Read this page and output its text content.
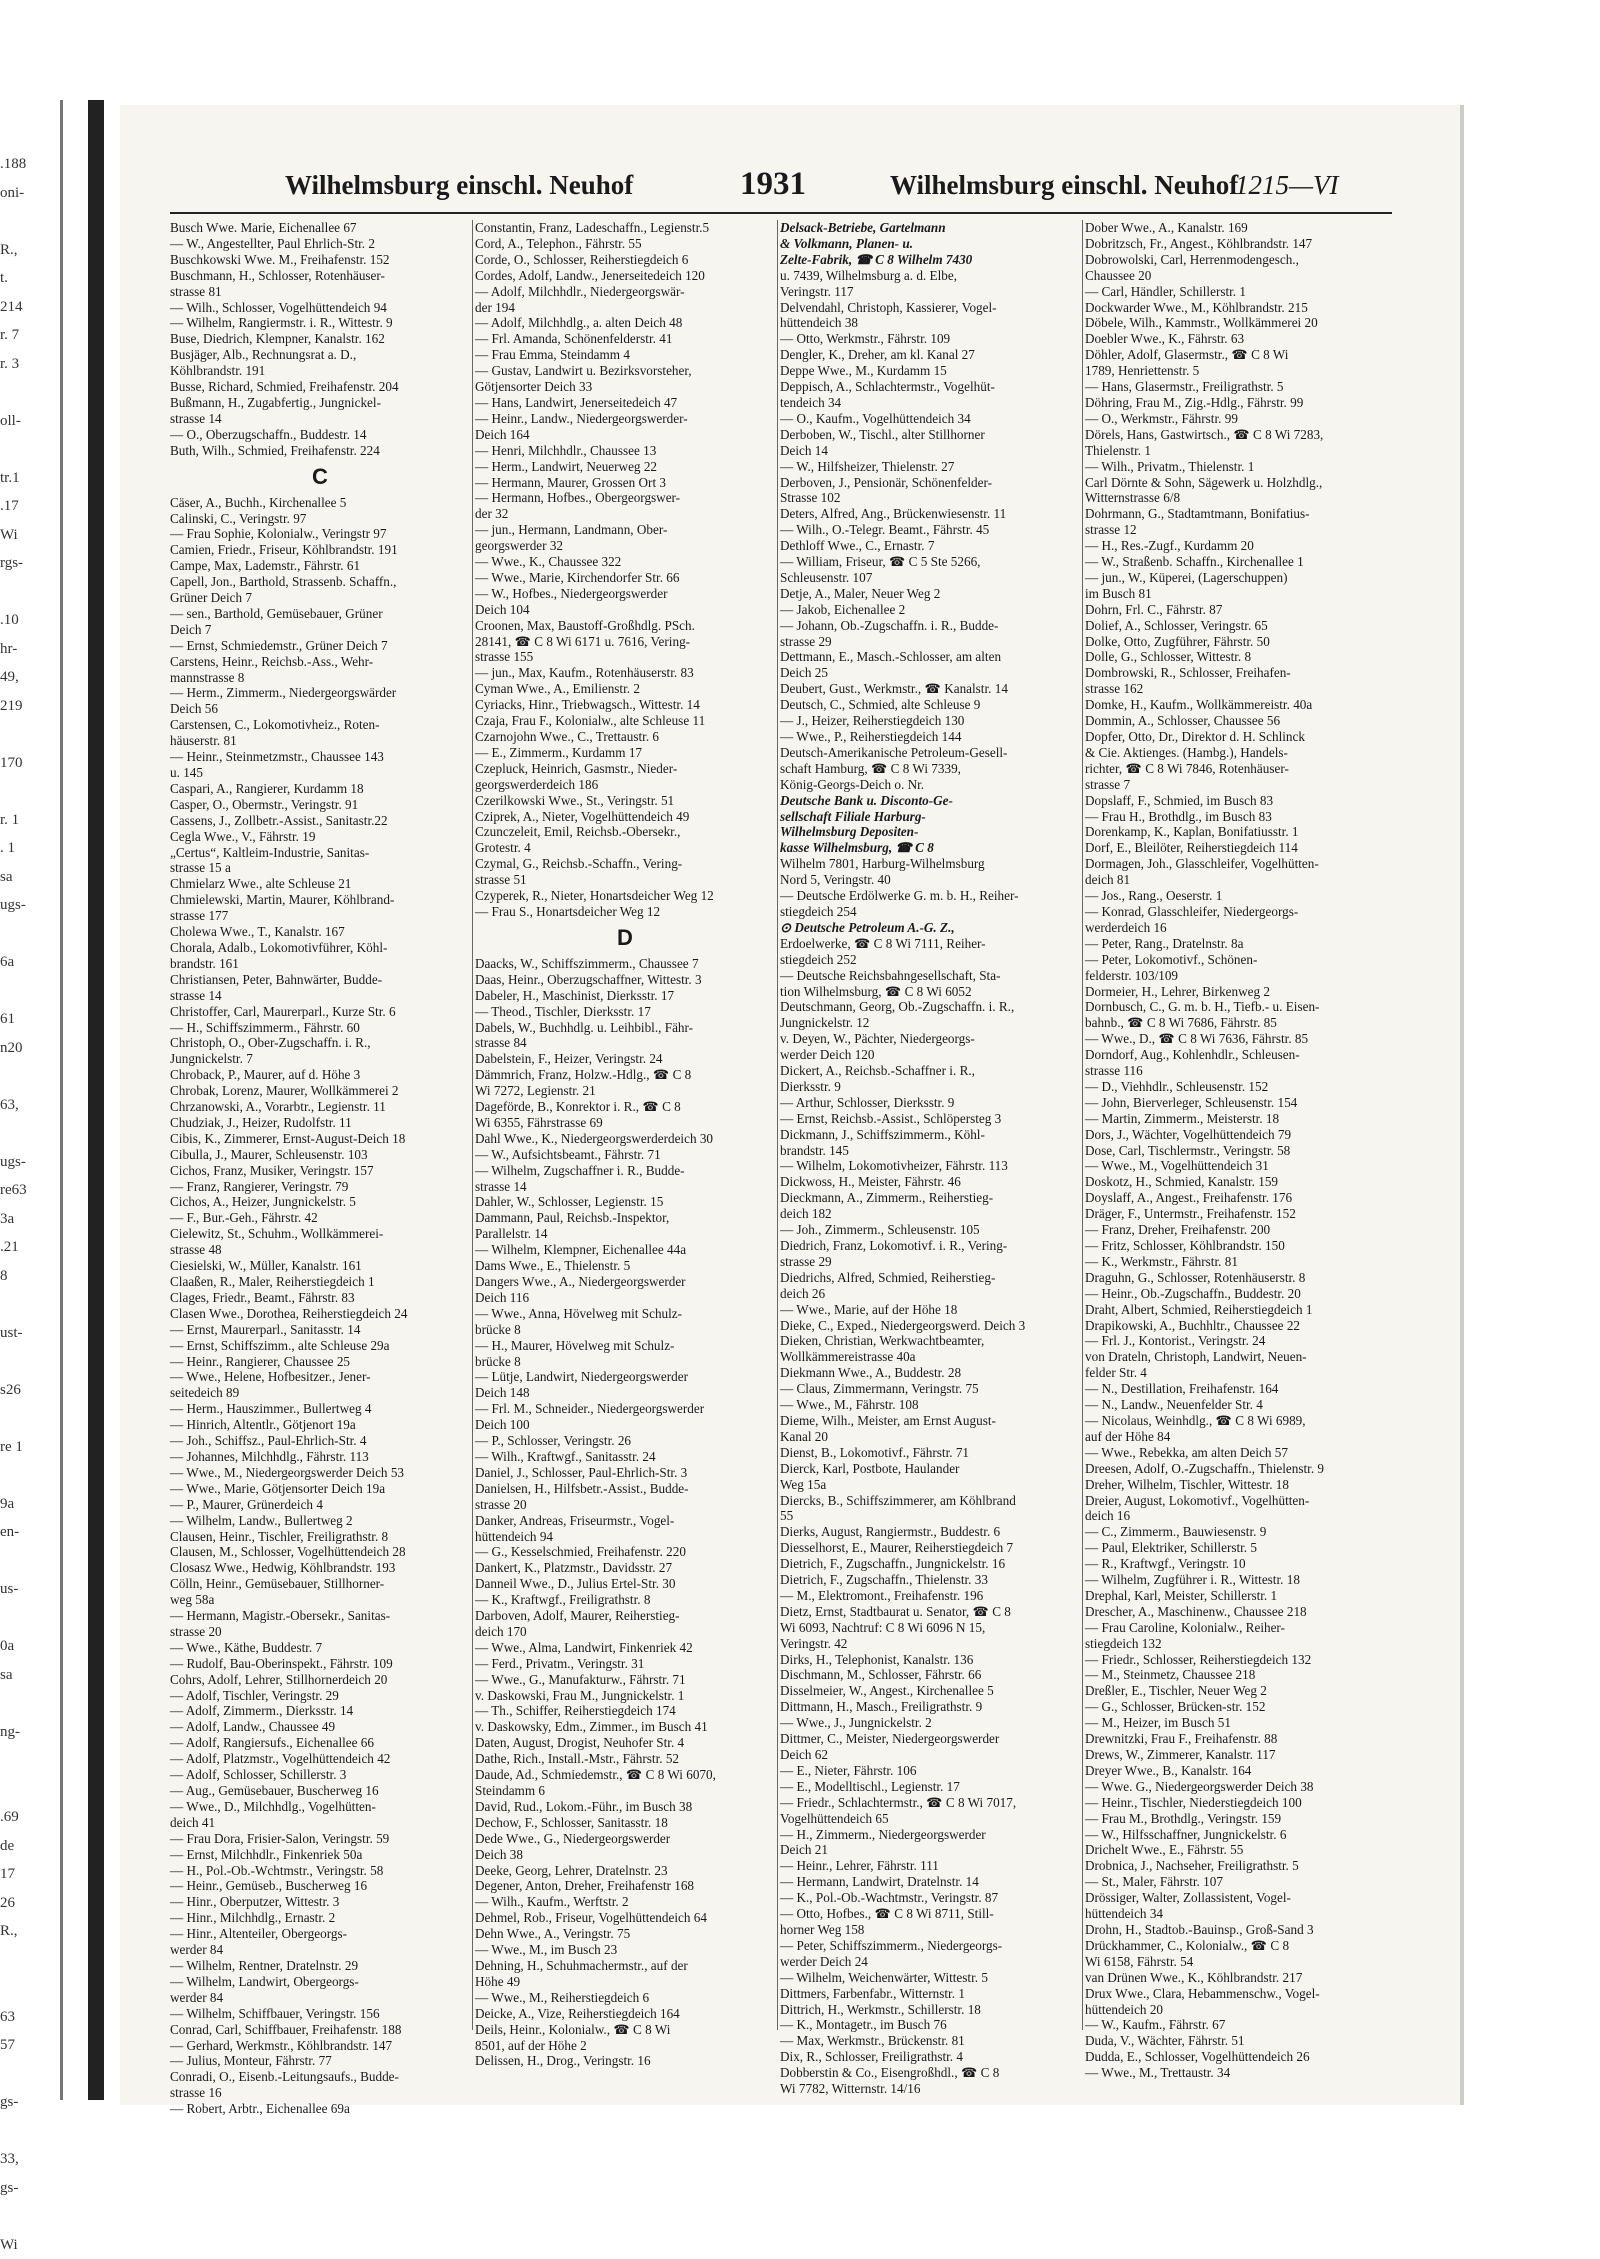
.188
oni-

R.,
t.
214
r. 7
r. 3

oll-

tr.1
.17
Wi
rgs-

.10
hr-
49,
219

170

r. 1
. 1
sa
ugs-

6a

61
n20

63,

ugs-
re63
3a
.21
8

ust-

s26

re 1

9a
en-

us-

0a
sa

ng-

.69
de
17
26
R.,

63
57

gs-

33,
gs-

Wi
Wilhelmsburg einschl. Neuhof	1931	Wilhelmsburg einschl. Neuhof
1215—VI
Busch Wwe. Marie, Eichenallee 67
— W., Angestellter, Paul Ehrlich-Str. 2
Buschkowski Wwe. M., Freihafenstr. 152
Buschmann, H., Schlosser, Rotenhäuser-
strasse 81
— Wilh., Schlosser, Vogelhüttendeich 94
— Wilhelm, Rangiermstr. i. R., Wittestr. 9
Buse, Diedrich, Klempner, Kanalstr. 162
Busjäger, Alb., Rechnungsrat a. D.,
Köhlbrandstr. 191
Busse, Richard, Schmied, Freihafenstr. 204
Bußmann, H., Zugabfertig., Jungnickel-
strasse 14
— O., Oberzugschaffn., Buddestr. 14
Buth, Wilh., Schmied, Freihafenstr. 224
C
Cäser, A., Buchh., Kirchenallee 5
Calinski, C., Veringstr. 97
— Frau Sophie, Kolonialw., Veringstr 97
Camien, Friedr., Friseur, Köhlbrandstr. 191
Campe, Max, Lademstr., Fährstr. 61
Capell, Jon., Barthold, Strassenb. Schaffn.,
Grüner Deich 7
— sen., Barthold, Gemüsebauer, Grüner
Deich 7
— Ernst, Schmiedemstr., Grüner Deich 7
Carstens, Heinr., Reichsb.-Ass., Wehr-
mannstrasse 8
— Herm., Zimmerm., Niedergeorgswärder
Deich 56
Carstensen, C., Lokomotivheiz., Roten-
häuserstr. 81
— Heinr., Steinmetzmstr., Chaussee 143
u. 145
Caspari, A., Rangierer, Kurdamm 18
Casper, O., Obermstr., Veringstr. 91
Cassens, J., Zollbetr.-Assist., Sanitastr.22
Cegla Wwe., V., Fährstr. 19
„Certus“, Kaltleim-Industrie, Sanitas-
strasse 15 a
Chmielarz Wwe., alte Schleuse 21
Chmielewski, Martin, Maurer, Köhlbrand-
strasse 177
Cholewa Wwe., T., Kanalstr. 167
Chorala, Adalb., Lokomotivführer, Köhl-
brandstr. 161
Christiansen, Peter, Bahnwärter, Budde-
strasse 14
Christoffer, Carl, Maurerparl., Kurze Str. 6
— H., Schiffszimmerm., Fährstr. 60
Christoph, O., Ober-Zugschaffn. i. R.,
Jungnickelstr. 7
Chroback, P., Maurer, auf d. Höhe 3
Chrobak, Lorenz, Maurer, Wollkämmerei 2
Chrzanowski, A., Vorarbtr., Legienstr. 11
Chudziak, J., Heizer, Rudolfstr. 11
Cibis, K., Zimmerer, Ernst-August-Deich 18
Cibulla, J., Maurer, Schleusenstr. 103
Cichos, Franz, Musiker, Veringstr. 157
— Franz, Rangierer, Veringstr. 79
Cichos, A., Heizer, Jungnickelstr. 5
— F., Bur.-Geh., Fährstr. 42
Cielewitz, St., Schuhm., Wollkämmerei-
strasse 48
Ciesielski, W., Müller, Kanalstr. 161
Claaßen, R., Maler, Reiherstiegdeich 1
Clages, Friedr., Beamt., Fährstr. 83
Clasen Wwe., Dorothea, Reiherstiegdeich 24
— Ernst, Maurerparl., Sanitasstr. 14
— Ernst, Schiffszimm., alte Schleuse 29a
— Heinr., Rangierer, Chaussee 25
— Wwe., Helene, Hofbesitzer., Jener-
seitedeich 89
— Herm., Hauszimmer., Bullertweg 4
— Hinrich, Altentlr., Götjenort 19a
— Joh., Schiffsz., Paul-Ehrlich-Str. 4
— Johannes, Milchhdlg., Fährstr. 113
— Wwe., M., Niedergeorgswerder Deich 53
— Wwe., Marie, Götjensorter Deich 19a
— P., Maurer, Grünerdeich 4
— Wilhelm, Landw., Bullertweg 2
Clausen, Heinr., Tischler, Freiligrathstr. 8
Clausen, M., Schlosser, Vogelhüttendeich 28
Closasz Wwe., Hedwig, Köhlbrandstr. 193
Cölln, Heinr., Gemüsebauer, Stillhorner-
weg 58a
— Hermann, Magistr.-Obersekr., Sanitas-
strasse 20
— Wwe., Käthe, Buddestr. 7
— Rudolf, Bau-Oberinspekt., Fährstr. 109
Cohrs, Adolf, Lehrer, Stillhornerdeich 20
— Adolf, Tischler, Veringstr. 29
— Adolf, Zimmerm., Dierksstr. 14
— Adolf, Landw., Chaussee 49
— Adolf, Rangiersufs., Eichenallee 66
— Adolf, Platzmstr., Vogelhüttendeich 42
— Adolf, Schlosser, Schillerstr. 3
— Aug., Gemüsebauer, Buscherweg 16
— Wwe., D., Milchhdlg., Vogelhütten-
deich 41
— Frau Dora, Frisier-Salon, Veringstr. 59
— Ernst, Milchhdlr., Finkenriek 50a
— H., Pol.-Ob.-Wchtmstr., Veringstr. 58
— Heinr., Gemüseb., Buscherweg 16
— Hinr., Oberputzer, Wittestr. 3
— Hinr., Milchhdlg., Ernastr. 2
— Hinr., Altenteiler, Obergeorgs-
werder 84
— Wilhelm, Rentner, Dratelnstr. 29
— Wilhelm, Landwirt, Obergeorgs-
werder 84
— Wilhelm, Schiffbauer, Veringstr. 156
Conrad, Carl, Schiffbauer, Freihafenstr. 188
— Gerhard, Werkmstr., Köhlbrandstr. 147
— Julius, Monteur, Fährstr. 77
Conradi, O., Eisenb.-Leitungsaufs., Budde-
strasse 16
— Robert, Arbtr., Eichenallee 69a
Constantin, Franz, Ladeschaffn., Legienstr.5
Cord, A., Telephon., Fährstr. 55
Corde, O., Schlosser, Reiherstiegdeich 6
Cordes, Adolf, Landw., Jenerseitedeich 120
— Adolf, Milchhdlr., Niedergeorgswär-
der 194
— Adolf, Milchhdlg., a. alten Deich 48
— Frl. Amanda, Schönenfelderstr. 41
— Frau Emma, Steindamm 4
— Gustav, Landwirt u. Bezirksvorsteher,
Götjensorter Deich 33
— Hans, Landwirt, Jenerseitedeich 47
— Heinr., Landw., Niedergeorgswerder-
Deich 164
— Henri, Milchhdlr., Chaussee 13
— Herm., Landwirt, Neuerweg 22
— Hermann, Maurer, Grossen Ort 3
— Hermann, Hofbes., Obergeorgswer-
der 32
— jun., Hermann, Landmann, Ober-
georgswerder 32
— Wwe., K., Chaussee 322
— Wwe., Marie, Kirchendorfer Str. 66
— W., Hofbes., Niedergeorgswerder
Deich 104
Croonen, Max, Baustoff-Großhdlg. PSch.
28141, ☎ C 8 Wi 6171 u. 7616, Vering-
strasse 155
— jun., Max, Kaufm., Rotenhäuserstr. 83
Cyman Wwe., A., Emilienstr. 2
Cyriacks, Hinr., Triebwagsch., Wittestr. 14
Czaja, Frau F., Kolonialw., alte Schleuse 11
Czarnojohn Wwe., C., Trettaustr. 6
— E., Zimmerm., Kurdamm 17
Czepluck, Heinrich, Gasmstr., Nieder-
georgswerderdeich 186
Czerilkowski Wwe., St., Veringstr. 51
Cziprek, A., Nieter, Vogelhüttendeich 49
Czunczeleit, Emil, Reichsb.-Obersekr.,
Grotestr. 4
Czymal, G., Reichsb.-Schaffn., Vering-
strasse 51
Czyperek, R., Nieter, Honartsdeicher Weg 12
— Frau S., Honartsdeicher Weg 12
D
Daacks, W., Schiffszimmerm., Chaussee 7
Daas, Heinr., Oberzugschaffner, Wittestr. 3
Dabeler, H., Maschinist, Dierksstr. 17
— Theod., Tischler, Dierksstr. 17
Dabels, W., Buchhdlg. u. Leihbibl., Fähr-
strasse 84
Dabelstein, F., Heizer, Veringstr. 24
Dämmrich, Franz, Holzw.-Hdlg., ☎ C 8
Wi 7272, Legienstr. 21
Dageförde, B., Konrektor i. R., ☎ C 8
Wi 6355, Fährstrasse 69
Dahl Wwe., K., Niedergeorgswerderdeich 30
— W., Aufsichtsbeamt., Fährstr. 71
— Wilhelm, Zugschaffner i. R., Budde-
strasse 14
Dahler, W., Schlosser, Legienstr. 15
Dammann, Paul, Reichsb.-Inspektor,
Parallelstr. 14
— Wilhelm, Klempner, Eichenallee 44a
Dams Wwe., E., Thielenstr. 5
Dangers Wwe., A., Niedergeorgswerder
Deich 116
— Wwe., Anna, Hövelweg mit Schulz-
brücke 8
— H., Maurer, Hövelweg mit Schulz-
brücke 8
— Lütje, Landwirt, Niedergeorgswerder
Deich 148
— Frl. M., Schneider., Niedergeorgswerder
Deich 100
— P., Schlosser, Veringstr. 26
— Wilh., Kraftwgf., Sanitasstr. 24
Daniel, J., Schlosser, Paul-Ehrlich-Str. 3
Danielsen, H., Hilfsbetr.-Assist., Budde-
strasse 20
Danker, Andreas, Friseurmstr., Vogel-
hüttendeich 94
— G., Kesselschmied, Freihafenstr. 220
Dankert, K., Platzmstr., Davidsstr. 27
Danneil Wwe., D., Julius Ertel-Str. 30
— K., Kraftwgf., Freiligrathstr. 8
Darboven, Adolf, Maurer, Reiherstieg-
deich 170
— Wwe., Alma, Landwirt, Finkenriek 42
— Ferd., Privatm., Veringstr. 31
— Wwe., G., Manufakturw., Fährstr. 71
v. Daskowski, Frau M., Jungnickelstr. 1
— Th., Schiffer, Reiherstiegdeich 174
v. Daskowsky, Edm., Zimmer., im Busch 41
Daten, August, Drogist, Neuhofer Str. 4
Dathe, Rich., Install.-Mstr., Fährstr. 52
Daude, Ad., Schmiedemstr., ☎ C 8 Wi 6070,
Steindamm 6
David, Rud., Lokom.-Führ., im Busch 38
Dechow, F., Schlosser, Sanitasstr. 18
Dede Wwe., G., Niedergeorgswerder
Deich 38
Deeke, Georg, Lehrer, Dratelnstr. 23
Degener, Anton, Dreher, Freihafenstr 168
— Wilh., Kaufm., Werftstr. 2
Dehmel, Rob., Friseur, Vogelhüttendeich 64
Dehn Wwe., A., Veringstr. 75
— Wwe., M., im Busch 23
Dehning, H., Schuhmachermstr., auf der
Höhe 49
— Wwe., M., Reiherstiegdeich 6
Deicke, A., Vize, Reiherstiegdeich 164
Deils, Heinr., Kolonialw., ☎ C 8 Wi
8501, auf der Höhe 2
Delissen, H., Drog., Veringstr. 16
Delsack-Betriebe, Gartelmann
& Volkmann, Planen- u.
Zelte-Fabrik, ☎ C 8 Wilhelm 7430
u. 7439, Wilhelmsburg a. d. Elbe,
Veringstr. 117
Delvendahl, Christoph, Kassierer, Vogel-
hüttendeich 38
— Otto, Werkmstr., Fährstr. 109
Dengler, K., Dreher, am kl. Kanal 27
Deppe Wwe., M., Kurdamm 15
Deppisch, A., Schlachtermstr., Vogelhüt-
tendeich 34
— O., Kaufm., Vogelhüttendeich 34
Derboben, W., Tischl., alter Stillhorner
Deich 14
— W., Hilfsheizer, Thielenstr. 27
Derboven, J., Pensionär, Schönenfelder-
Strasse 102
Deters, Alfred, Ang., Brückenwiesenstr. 11
— Wilh., O.-Telegr. Beamt., Fährstr. 45
Dethloff Wwe., C., Ernastr. 7
— William, Friseur, ☎ C 5 Ste 5266,
Schleusenstr. 107
Detje, A., Maler, Neuer Weg 2
— Jakob, Eichenallee 2
— Johann, Ob.-Zugschaffn. i. R., Budde-
strasse 29
Dettmann, E., Masch.-Schlosser, am alten
Deich 25
Deubert, Gust., Werkmstr., ☎ Kanalstr. 14
Deutsch, C., Schmied, alte Schleuse 9
— J., Heizer, Reiherstiegdeich 130
— Wwe., P., Reiherstiegdeich 144
Deutsch-Amerikanische Petroleum-Gesell-
schaft Hamburg, ☎ C 8 Wi 7339,
König-Georgs-Deich o. Nr.
Deutsche Bank u. Disconto-Ge-
sellschaft Filiale Harburg-
Wilhelmsburg Depositen-
kasse Wilhelmsburg, ☎ C 8
Wilhelm 7801, Harburg-Wilhelmsburg
Nord 5, Veringstr. 40
— Deutsche Erdölwerke G. m. b. H., Reiher-
stiegdeich 254
⊙ Deutsche Petroleum A.-G. Z.,
Erdoelwerke, ☎ C 8 Wi 7111, Reiher-
stiegdeich 252
— Deutsche Reichsbahngesellschaft, Sta-
tion Wilhelmsburg, ☎ C 8 Wi 6052
Deutschmann, Georg, Ob.-Zugschaffn. i. R.,
Jungnickelstr. 12
v. Deyen, W., Pächter, Niedergeorgs-
werder Deich 120
Dickert, A., Reichsb.-Schaffner i. R.,
Dierksstr. 9
— Arthur, Schlosser, Dierksstr. 9
— Ernst, Reichsb.-Assist., Schlöpersteg 3
Dickmann, J., Schiffszimmerm., Köhl-
brandstr. 145
— Wilhelm, Lokomotivheizer, Fährstr. 113
Dickwoss, H., Meister, Fährstr. 46
Dieckmann, A., Zimmerm., Reiherstieg-
deich 182
— Joh., Zimmerm., Schleusenstr. 105
Diedrich, Franz, Lokomotivf. i. R., Vering-
strasse 29
Diedrichs, Alfred, Schmied, Reiherstieg-
deich 26
— Wwe., Marie, auf der Höhe 18
Dieke, C., Exped., Niedergeorgswerd. Deich 3
Dieken, Christian, Werkwachtbeamter,
Wollkämmereistrasse 40a
Diekmann Wwe., A., Buddestr. 28
— Claus, Zimmermann, Veringstr. 75
— Wwe., M., Fährstr. 108
Dieme, Wilh., Meister, am Ernst August-
Kanal 20
Dienst, B., Lokomotivf., Fährstr. 71
Dierck, Karl, Postbote, Haulander
Weg 15a
Diercks, B., Schiffszimmerer, am Köhlbrand
55
Dierks, August, Rangiermstr., Buddestr. 6
Diesselhorst, E., Maurer, Reiherstiegdeich 7
Dietrich, F., Zugschaffn., Jungnickelstr. 16
Dietrich, F., Zugschaffn., Thielenstr. 33
— M., Elektromont., Freihafenstr. 196
Dietz, Ernst, Stadtbaurat u. Senator, ☎ C 8
Wi 6093, Nachtruf: C 8 Wi 6096 N 15,
Veringstr. 42
Dirks, H., Telephonist, Kanalstr. 136
Dischmann, M., Schlosser, Fährstr. 66
Disselmeier, W., Angest., Kirchenallee 5
Dittmann, H., Masch., Freiligrathstr. 9
— Wwe., J., Jungnickelstr. 2
Dittmer, C., Meister, Niedergeorgswerder
Deich 62
— E., Nieter, Fährstr. 106
— E., Modelltischl., Legienstr. 17
— Friedr., Schlachtermstr., ☎ C 8 Wi 7017,
Vogelhüttendeich 65
— H., Zimmerm., Niedergeorgswerder
Deich 21
— Heinr., Lehrer, Fährstr. 111
— Hermann, Landwirt, Dratelnstr. 14
— K., Pol.-Ob.-Wachtmstr., Veringstr. 87
— Otto, Hofbes., ☎ C 8 Wi 8711, Still-
horner Weg 158
— Peter, Schiffszimmerm., Niedergeorgs-
werder Deich 24
— Wilhelm, Weichenwärter, Wittestr. 5
Dittmers, Farbenfabr., Witternstr. 1
Dittrich, H., Werkmstr., Schillerstr. 18
— K., Montagetr., im Busch 76
— Max, Werkmstr., Brückenstr. 81
Dix, R., Schlosser, Freiligrathstr. 4
Dobberstin & Co., Eisengroßhdl., ☎ C 8
Wi 7782, Witternstr. 14/16
Dober Wwe., A., Kanalstr. 169
Dobritzsch, Fr., Angest., Köhlbrandstr. 147
Dobrowolski, Carl, Herrenmodengesch.,
Chaussee 20
— Carl, Händler, Schillerstr. 1
Dockwarder Wwe., M., Köhlbrandstr. 215
Döbele, Wilh., Kammstr., Wollkämmerei 20
Doebler Wwe., K., Fährstr. 63
Döhler, Adolf, Glasermstr., ☎ C 8 Wi
1789, Henriettenstr. 5
— Hans, Glasermstr., Freiligrathstr. 5
Döhring, Frau M., Zig.-Hdlg., Fährstr. 99
— O., Werkmstr., Fährstr. 99
Dörels, Hans, Gastwirtsch., ☎ C 8 Wi 7283,
Thielenstr. 1
— Wilh., Privatm., Thielenstr. 1
Carl Dörnte & Sohn, Sägewerk u. Holzhdlg.,
Witternstrasse 6/8
Dohrmann, G., Stadtamtmann, Bonifatius-
strasse 12
— H., Res.-Zugf., Kurdamm 20
— W., Straßenb. Schaffn., Kirchenallee 1
— jun., W., Küperei, (Lagerschuppen)
im Busch 81
Dohrn, Frl. C., Fährstr. 87
Dolief, A., Schlosser, Veringstr. 65
Dolke, Otto, Zugführer, Fährstr. 50
Dolle, G., Schlosser, Wittestr. 8
Dombrowski, R., Schlosser, Freihafen-
strasse 162
Domke, H., Kaufm., Wollkämmereistr. 40a
Dommin, A., Schlosser, Chaussee 56
Dopfer, Otto, Dr., Direktor d. H. Schlinck
& Cie. Aktienges. (Hambg.), Handels-
richter, ☎ C 8 Wi 7846, Rotenhäuser-
strasse 7
Dopslaff, F., Schmied, im Busch 83
— Frau H., Brothdlg., im Busch 83
Dorenkamp, K., Kaplan, Bonifatiusstr. 1
Dorf, E., Bleilöter, Reiherstiegdeich 114
Dormagen, Joh., Glasschleifer, Vogelhütten-
deich 81
— Jos., Rang., Oeserstr. 1
— Konrad, Glasschleifer, Niedergeorgs-
werderdeich 16
— Peter, Rang., Dratelnstr. 8a
— Peter, Lokomotivf., Schönen-
felderstr. 103/109
Dormeier, H., Lehrer, Birkenweg 2
Dornbusch, C., G. m. b. H., Tiefb.- u. Eisen-
bahnb., ☎ C 8 Wi 7686, Fährstr. 85
— Wwe., D., ☎ C 8 Wi 7636, Fährstr. 85
Dorndorf, Aug., Kohlenhdlr., Schleusen-
strasse 116
— D., Viehhdlr., Schleusenstr. 152
— John, Bierverleger, Schleusenstr. 154
— Martin, Zimmerm., Meisterstr. 18
Dors, J., Wächter, Vogelhüttendeich 79
Dose, Carl, Tischlermstr., Veringstr. 58
— Wwe., M., Vogelhüttendeich 31
Doskotz, H., Schmied, Kanalstr. 159
Doyslaff, A., Angest., Freihafenstr. 176
Dräger, F., Untermstr., Freihafenstr. 152
— Franz, Dreher, Freihafenstr. 200
— Fritz, Schlosser, Köhlbrandstr. 150
— K., Werkmstr., Fährstr. 81
Draguhn, G., Schlosser, Rotenhäuserstr. 8
— Heinr., Ob.-Zugschaffn., Buddestr. 20
Draht, Albert, Schmied, Reiherstiegdeich 1
Drapikowski, A., Buchhltr., Chaussee 22
— Frl. J., Kontorist., Veringstr. 24
von Drateln, Christoph, Landwirt, Neuen-
felder Str. 4
— N., Destillation, Freihafenstr. 164
— N., Landw., Neuenfelder Str. 4
— Nicolaus, Weinhdlg., ☎ C 8 Wi 6989,
auf der Höhe 84
— Wwe., Rebekka, am alten Deich 57
Dreesen, Adolf, O.-Zugschaffn., Thielenstr. 9
Dreher, Wilhelm, Tischler, Wittestr. 18
Dreier, August, Lokomotivf., Vogelhütten-
deich 16
— C., Zimmerm., Bauwiesenstr. 9
— Paul, Elektriker, Schillerstr. 5
— R., Kraftwgf., Veringstr. 10
— Wilhelm, Zugführer i. R., Wittestr. 18
Drephal, Karl, Meister, Schillerstr. 1
Drescher, A., Maschinenw., Chaussee 218
— Frau Caroline, Kolonialw., Reiher-
stiegdeich 132
— Friedr., Schlosser, Reiherstiegdeich 132
— M., Steinmetz, Chaussee 218
Dreßler, E., Tischler, Neuer Weg 2
— G., Schlosser, Brücken-str. 152
— M., Heizer, im Busch 51
Drewnitzki, Frau F., Freihafenstr. 88
Drews, W., Zimmerer, Kanalstr. 117
Dreyer Wwe., B., Kanalstr. 164
— Wwe. G., Niedergeorgswerder Deich 38
— Heinr., Tischler, Niederstiegdeich 100
— Frau M., Brothdlg., Veringstr. 159
— W., Hilfsschaffner, Jungnickelstr. 6
Drichelt Wwe., E., Fährstr. 55
Drobnica, J., Nachseher, Freiligrathstr. 5
— St., Maler, Fährstr. 107
Drössiger, Walter, Zollassistent, Vogel-
hüttendeich 34
Drohn, H., Stadtob.-Bauinsp., Groß-Sand 3
Drückhammer, C., Kolonialw., ☎ C 8
Wi 6158, Fährstr. 54
van Drünen Wwe., K., Köhlbrandstr. 217
Drux Wwe., Clara, Hebammenschw., Vogel-
hüttendeich 20
— W., Kaufm., Fährstr. 67
Duda, V., Wächter, Fährstr. 51
Dudda, E., Schlosser, Vogelhüttendeich 26
— Wwe., M., Trettaustr. 34
